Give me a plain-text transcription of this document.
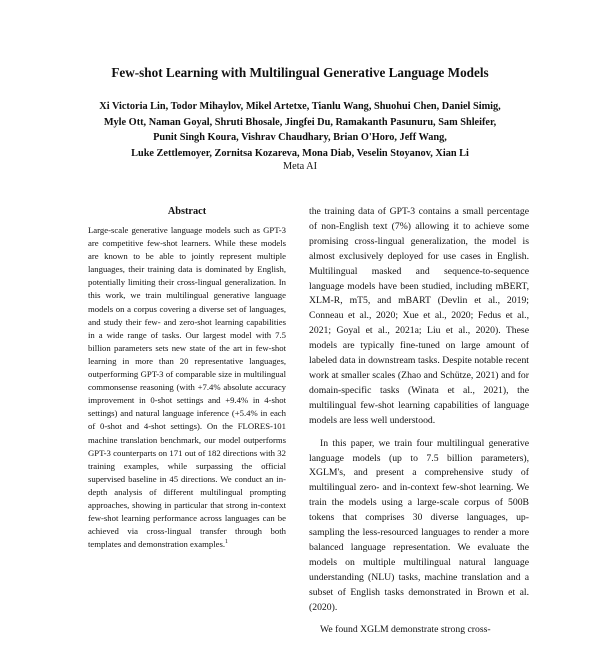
Few-shot Learning with Multilingual Generative Language Models
Xi Victoria Lin, Todor Mihaylov, Mikel Artetxe, Tianlu Wang, Shuohui Chen, Daniel Simig,
Myle Ott, Naman Goyal, Shruti Bhosale, Jingfei Du, Ramakanth Pasunuru, Sam Shleifer,
Punit Singh Koura, Vishrav Chaudhary, Brian O'Horo, Jeff Wang,
Luke Zettlemoyer, Zornitsa Kozareva, Mona Diab, Veselin Stoyanov, Xian Li
Meta AI
Abstract

Large-scale generative language models such as GPT-3 are competitive few-shot learners. While these models are known to be able to jointly represent multiple languages, their training data is dominated by English, potentially limiting their cross-lingual generalization. In this work, we train multilingual generative language models on a corpus covering a diverse set of languages, and study their few- and zero-shot learning capabilities in a wide range of tasks. Our largest model with 7.5 billion parameters sets new state of the art in few-shot learning in more than 20 representative languages, outperforming GPT-3 of comparable size in multilingual commonsense reasoning (with +7.4% absolute accuracy improvement in 0-shot settings and +9.4% in 4-shot settings) and natural language inference (+5.4% in each of 0-shot and 4-shot settings). On the FLORES-101 machine translation benchmark, our model outperforms GPT-3 counterparts on 171 out of 182 directions with 32 training examples, while surpassing the official supervised baseline in 45 directions. We conduct an in-depth analysis of different multilingual prompting approaches, showing in particular that strong in-context few-shot learning performance across languages can be achieved via cross-lingual transfer through both templates and demonstration examples.$^1$

the training data of GPT-3 contains a small percentage of non-English text (7%) allowing it to achieve some promising cross-lingual generalization, the model is almost exclusively deployed for use cases in English. Multilingual masked and sequence-to-sequence language models have been studied, including mBERT, XLM-R, mT5, and mBART (Devlin et al., 2019; Conneau et al., 2020; Xue et al., 2020; Fedus et al., 2021; Goyal et al., 2021a; Liu et al., 2020). These models are typically fine-tuned on large amount of labeled data in downstream tasks. Despite notable recent work at smaller scales (Zhao and Schütze, 2021) and for domain-specific tasks (Winata et al., 2021), the multilingual few-shot learning capabilities of language models are less well understood.

In this paper, we train four multilingual generative language models (up to 7.5 billion parameters), XGLM's, and present a comprehensive study of multilingual zero- and in-context few-shot learning. We train the models using a large-scale corpus of 500B tokens that comprises 30 diverse languages, up-sampling the less-resourced languages to render a more balanced language representation. We evaluate the models on multiple multilingual natural language understanding (NLU) tasks, machine translation and a subset of English tasks demonstrated in Brown et al. (2020).

We found XGLM demonstrate strong cross-
